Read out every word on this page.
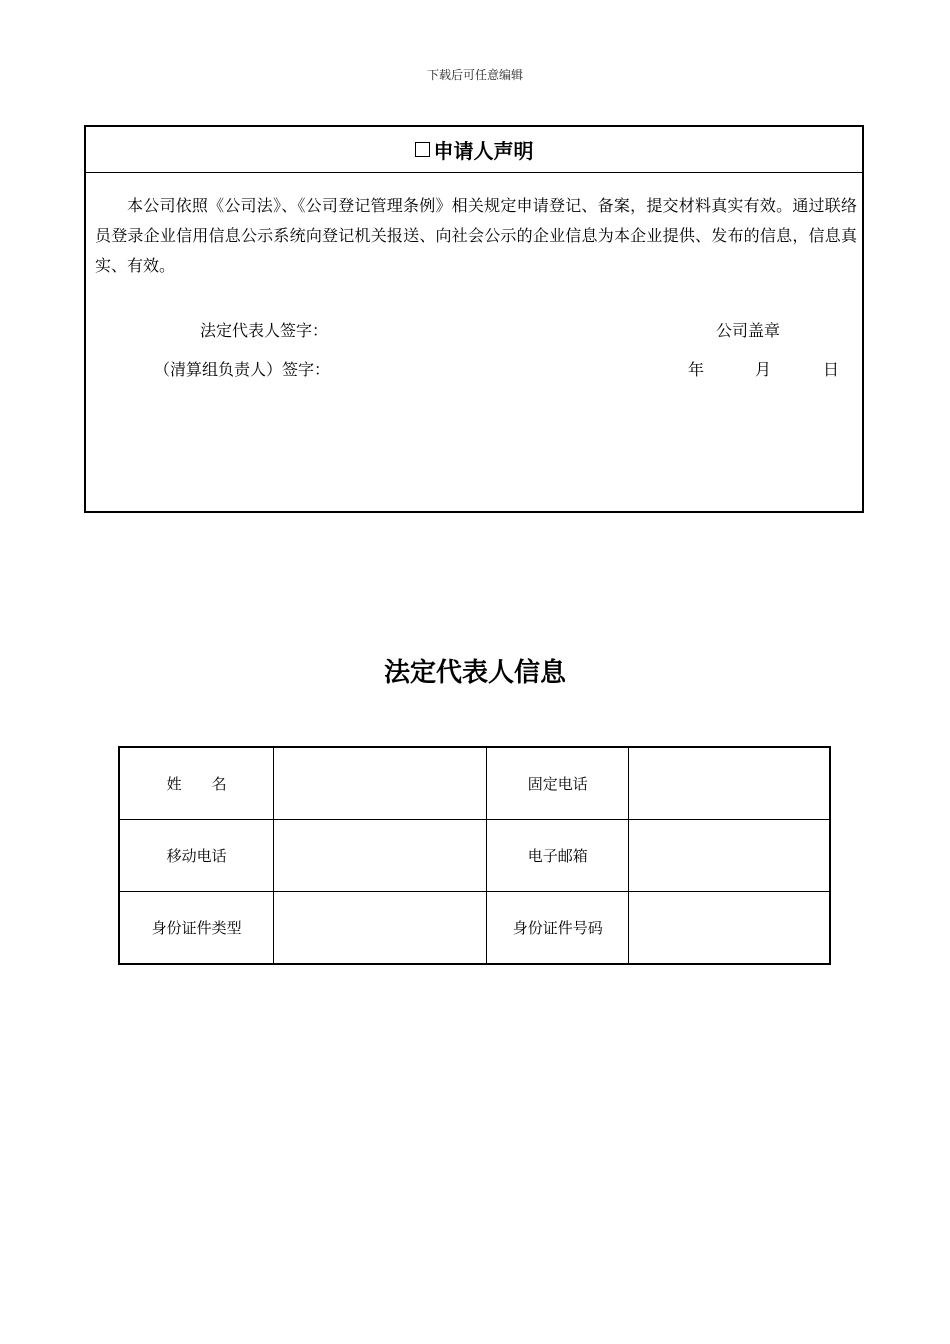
下载后可任意编辑
申请人声明
本公司依照《公司法》、《公司登记管理条例》相关规定申请登记、备案，提交材料真实有效。通过联络员登录企业信用信息公示系统向登记机关报送、向社会公示的企业信息为本企业提供、发布的信息，信息真实、有效。
法定代表人签字：
（清算组负责人）签字：
公司盖章
年	月	日
法定代表人信息
姓　　名		固定电话	
移动电话		电子邮箱	
身份证件类型		身份证件号码	
